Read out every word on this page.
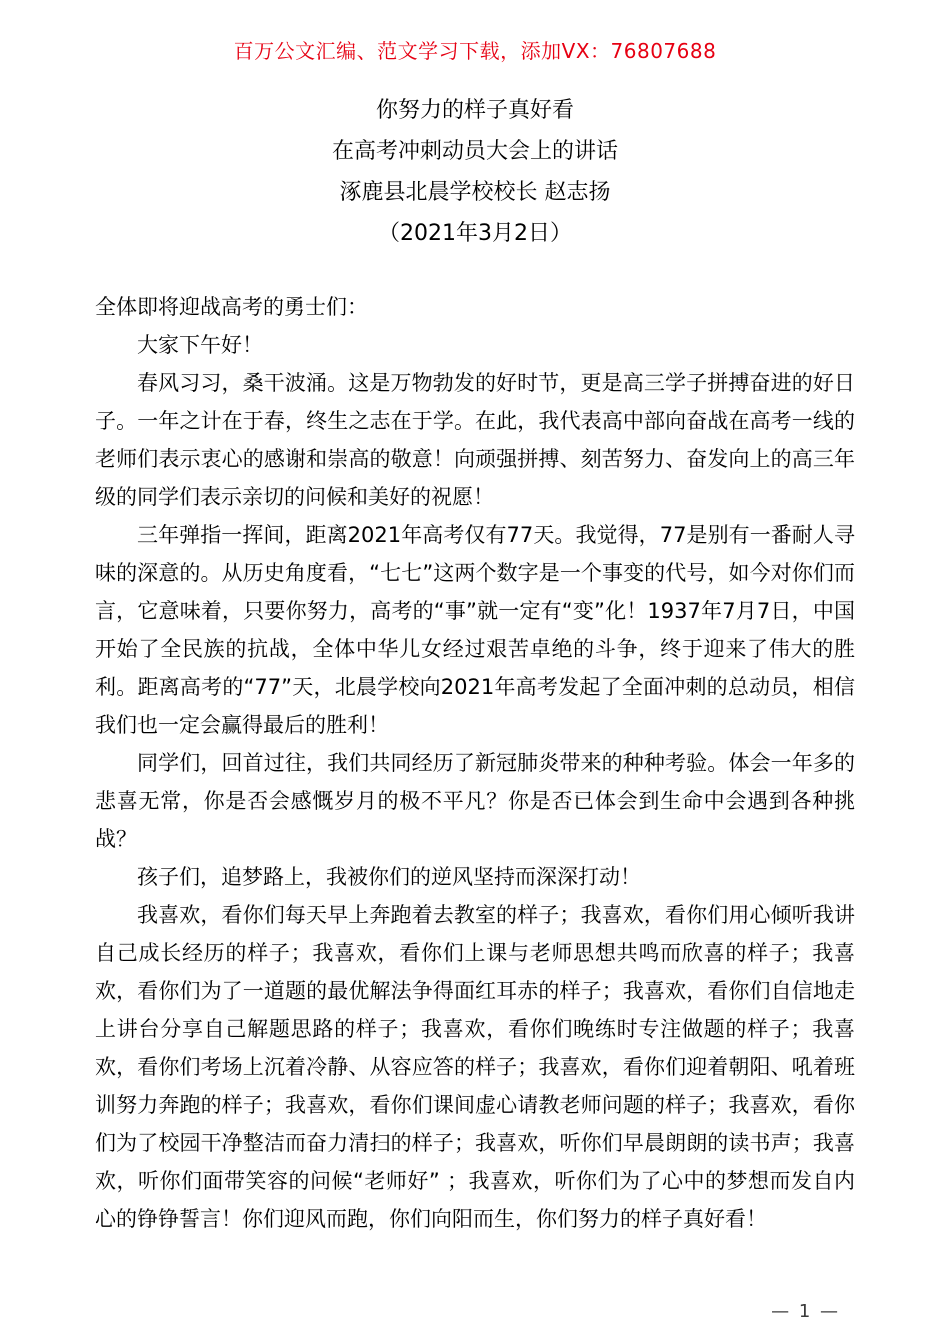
百万公文汇编、范文学习下载，添加VX：76807688
你努力的样子真好看
在高考冲刺动员大会上的讲话
涿鹿县北晨学校校长 赵志扬
（2021年3月2日）

全体即将迎战高考的勇士们：

大家下午好！

春风习习，桑干波涌。这是万物勃发的好时节，更是高三学子拼搏奋进的好日子。一年之计在于春，终生之志在于学。在此，我代表高中部向奋战在高考一线的老师们表示衷心的感谢和崇高的敬意！向顽强拼搏、刻苦努力、奋发向上的高三年级的同学们表示亲切的问候和美好的祝愿！

三年弹指一挥间，距离2021年高考仅有77天。我觉得，77是别有一番耐人寻味的深意的。从历史角度看，“七七”这两个数字是一个事变的代号，如今对你们而言，它意味着，只要你努力，高考的“事”就一定有“变”化！1937年7月7日，中国开始了全民族的抗战，全体中华儿女经过艰苦卓绝的斗争，终于迎来了伟大的胜利。距离高考的“77”天，北晨学校向2021年高考发起了全面冲刺的总动员，相信我们也一定会赢得最后的胜利！

同学们，回首过往，我们共同经历了新冠肺炎带来的种种考验。体会一年多的悲喜无常，你是否会感慨岁月的极不平凡？你是否已体会到生命中会遇到各种挑战？

孩子们，追梦路上，我被你们的逆风坚持而深深打动！

我喜欢，看你们每天早上奔跑着去教室的样子；我喜欢，看你们用心倾听我讲自己成长经历的样子；我喜欢，看你们上课与老师思想共鸣而欣喜的样子；我喜欢，看你们为了一道题的最优解法争得面红耳赤的样子；我喜欢，看你们自信地走上讲台分享自己解题思路的样子；我喜欢，看你们晚练时专注做题的样子；我喜欢，看你们考场上沉着冷静、从容应答的样子；我喜欢，看你们迎着朝阳、吼着班训努力奔跑的样子；我喜欢，看你们课间虚心请教老师问题的样子；我喜欢，看你们为了校园干净整洁而奋力清扫的样子；我喜欢，听你们早晨朗朗的读书声；我喜欢，听你们面带笑容的问候“老师好” ；我喜欢，听你们为了心中的梦想而发自内心的铮铮誓言！你们迎风而跑，你们向阳而生，你们努力的样子真好看！

— 1 —
